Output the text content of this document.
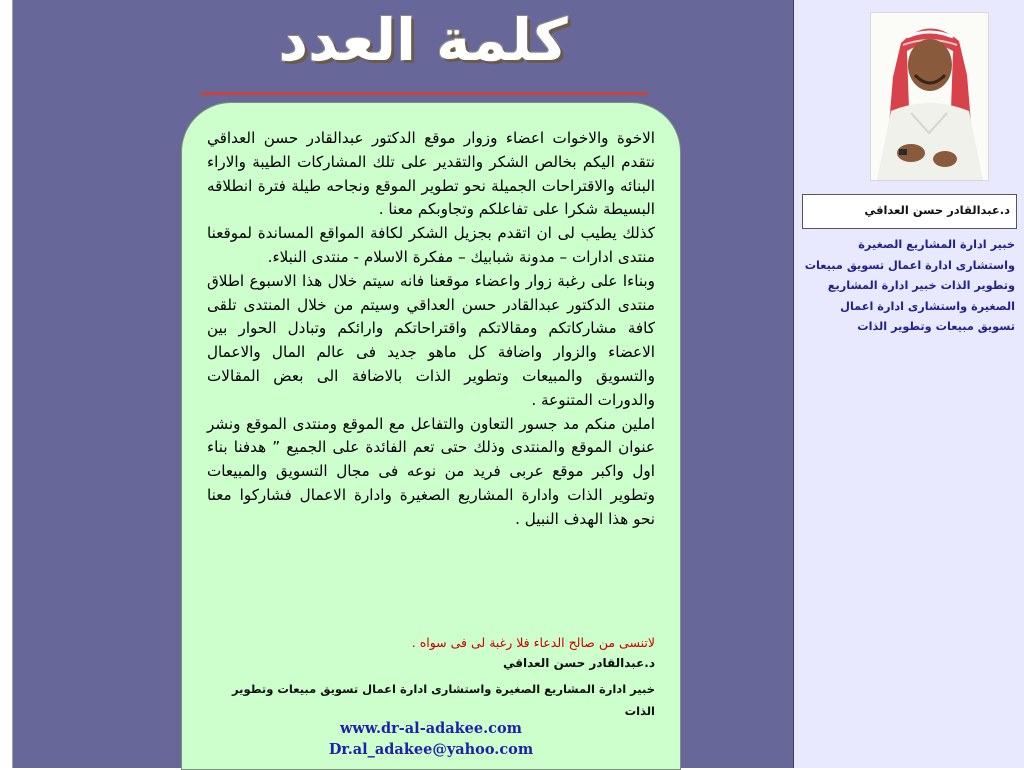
كلمة العدد

الاخوة والاخوات اعضاء وزوار موقع الدكتور عبدالقادر حسن العداقي نتقدم اليكم بخالص الشكر والتقدير على تلك المشاركات الطيبة والاراء البنائه والاقتراحات الجميلة نحو تطوير الموقع ونجاحه طيلة فترة انطلاقه البسيطة شكرا على تفاعلكم وتجاوبكم معنا .

كذلك يطيب لى ان اتقدم بجزيل الشكر لكافة المواقع المساندة لموقعنا منتدى ادارات – مدونة شبابيك – مفكرة الاسلام - منتدى النبلاء.

وبناءا على رغبة زوار واعضاء موقعنا فانه سيتم خلال هذا الاسبوع اطلاق منتدى الدكتور عبدالقادر حسن العداقي وسيتم من خلال المنتدى تلقى كافة مشاركاتكم ومقالاتكم واقتراحاتكم وارائكم وتبادل الحوار بين الاعضاء والزوار واضافة كل ماهو جديد فى عالم المال والاعمال والتسويق والمبيعات وتطوير الذات بالاضافة الى بعض المقالات والدورات المتنوعة .

املين منكم مد جسور التعاون والتفاعل مع الموقع ومنتدى الموقع ونشر عنوان الموقع والمنتدى وذلك حتى تعم الفائدة على الجميع ” هدفنا بناء اول واكبر موقع عربى فريد من نوعه فى مجال التسويق والمبيعات وتطوير الذات وادارة المشاريع الصغيرة وادارة الاعمال فشاركوا معنا نحو هذا الهدف النبيل .

لاتنسى من صالح الدعاء فلا رغبة لى فى سواه .
د.عبدالقادر حسن العداقي
خبير ادارة المشاريع الصغيرة واستشارى ادارة اعمال تسويق مبيعات وتطوير الذات
www.dr-al-adakee.com
Dr.al_adakee@yahoo.com
د.عبدالقادر حسن العداقي
خبير ادارة المشاريع الصغيرة واستشارى ادارة اعمال تسويق مبيعات وتطوير الذات خبير ادارة المشاريع الصغيرة واستشارى ادارة اعمال تسويق مبيعات وتطوير الذات
